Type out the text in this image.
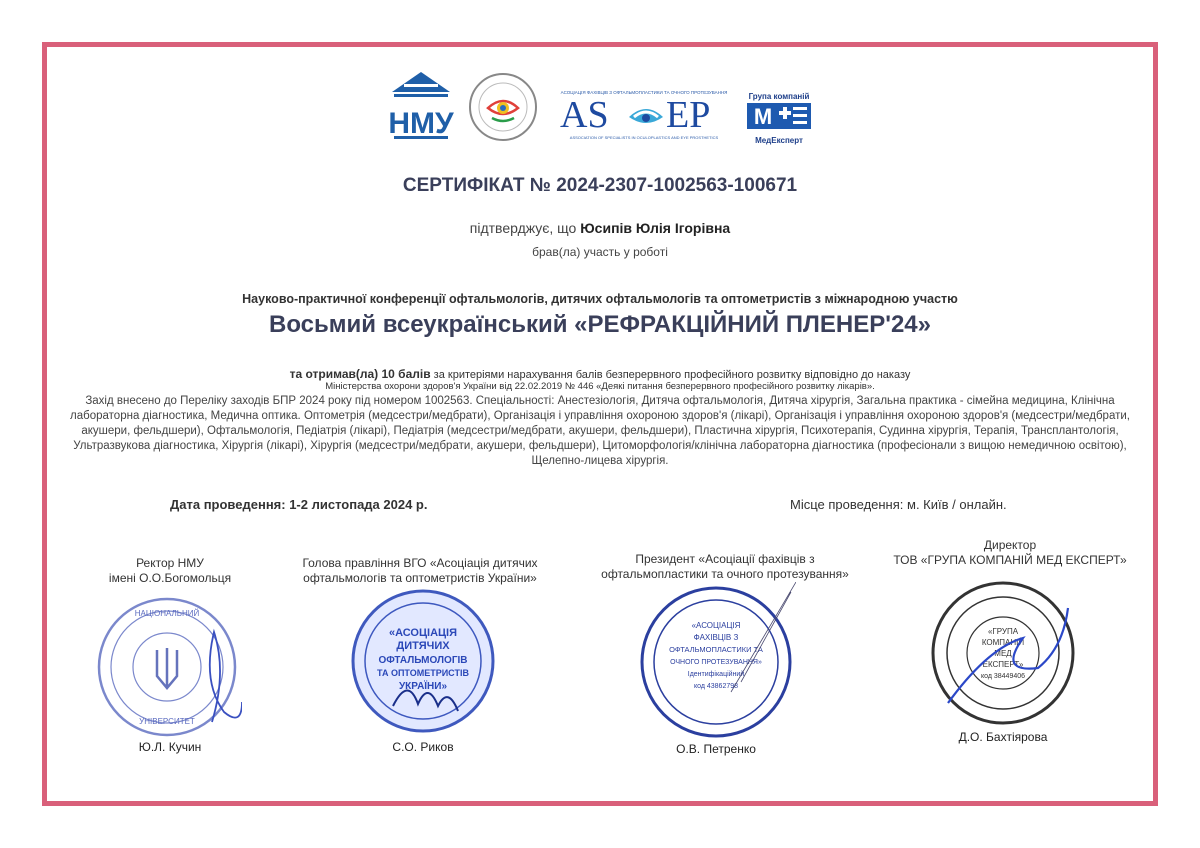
НМУ
АСОЦІАЦІЯ ФАХІВЦІВ З ОФТАЛЬМОПЛАСТИКИ ТА ОЧНОГО ПРОТЕЗУВАННЯ
AS EP
ASSOCIATION OF SPECIALISTS IN OCULOPLASTICS AND EYE PROSTHETICS
Група компаній
M
МедЕксперт
СЕРТИФІКАТ № 2024-2307-1002563-100671
підтверджує, що Юсипів Юлія Ігорівна
брав(ла) участь у роботі
Науково-практичної конференції офтальмологів, дитячих офтальмологів та оптометристів з міжнародною участю
Восьмий всеукраїнський «РЕФРАКЦІЙНИЙ ПЛЕНЕР'24»
та отримав(ла) 10 балів за критеріями нарахування балів безперервного професійного розвитку відповідно до наказу
Міністерства охорони здоров'я України від 22.02.2019 № 446 «Деякі питання безперервного професійного розвитку лікарів».
Захід внесено до Переліку заходів БПР 2024 року під номером 1002563. Спеціальності: Анестезіологія, Дитяча офтальмологія, Дитяча хірургія, Загальна практика - сімейна медицина, Клінічна лабораторна діагностика, Медична оптика. Оптометрія (медсестри/медбрати), Організація і управління охороною здоров'я (лікарі), Організація і управління охороною здоров'я (медсестри/медбрати, акушери, фельдшери), Офтальмологія, Педіатрія (лікарі), Педіатрія (медсестри/медбрати, акушери, фельдшери), Пластична хірургія, Психотерапія, Судинна хірургія, Терапія, Трансплантологія, Ультразвукова діагностика, Хірургія (лікарі), Хірургія (медсестри/медбрати, акушери, фельдшери), Цитоморфологія/клінічна лабораторна діагностика (професіонали з вищою немедичною освітою), Щелепно-лицева хірургія.
Дата проведення: 1-2 листопада 2024 р.	Місце проведення: м. Київ / онлайн.
Ректор НМУ
імені О.О.Богомольця
НАЦІОНАЛЬНИЙ
УНІВЕРСИТЕТ
Ю.Л. Кучин
Голова правління ВГО «Асоціація дитячих
офтальмологів та оптометристів України»
«АСОЦІАЦІЯ
ДИТЯЧИХ
ОФТАЛЬМОЛОГІВ
ТА ОПТОМЕТРИСТІВ
УКРАЇНИ»
С.О. Риков
Президент «Асоціації фахівців з
офтальмопластики та очного протезування»
«АСОЦІАЦІЯ
ФАХІВЦІВ З
ОФТАЛЬМОПЛАСТИКИ ТА
ОЧНОГО ПРОТЕЗУВАННЯ»
Ідентифікаційний
код 43862798
О.В. Петренко
Директор
ТОВ «ГРУПА КОМПАНІЙ МЕД ЕКСПЕРТ»
«ГРУПА
КОМПАНІЙ
МЕД
ЕКСПЕРТ»
код 38449406
Д.О. Бахтіярова
